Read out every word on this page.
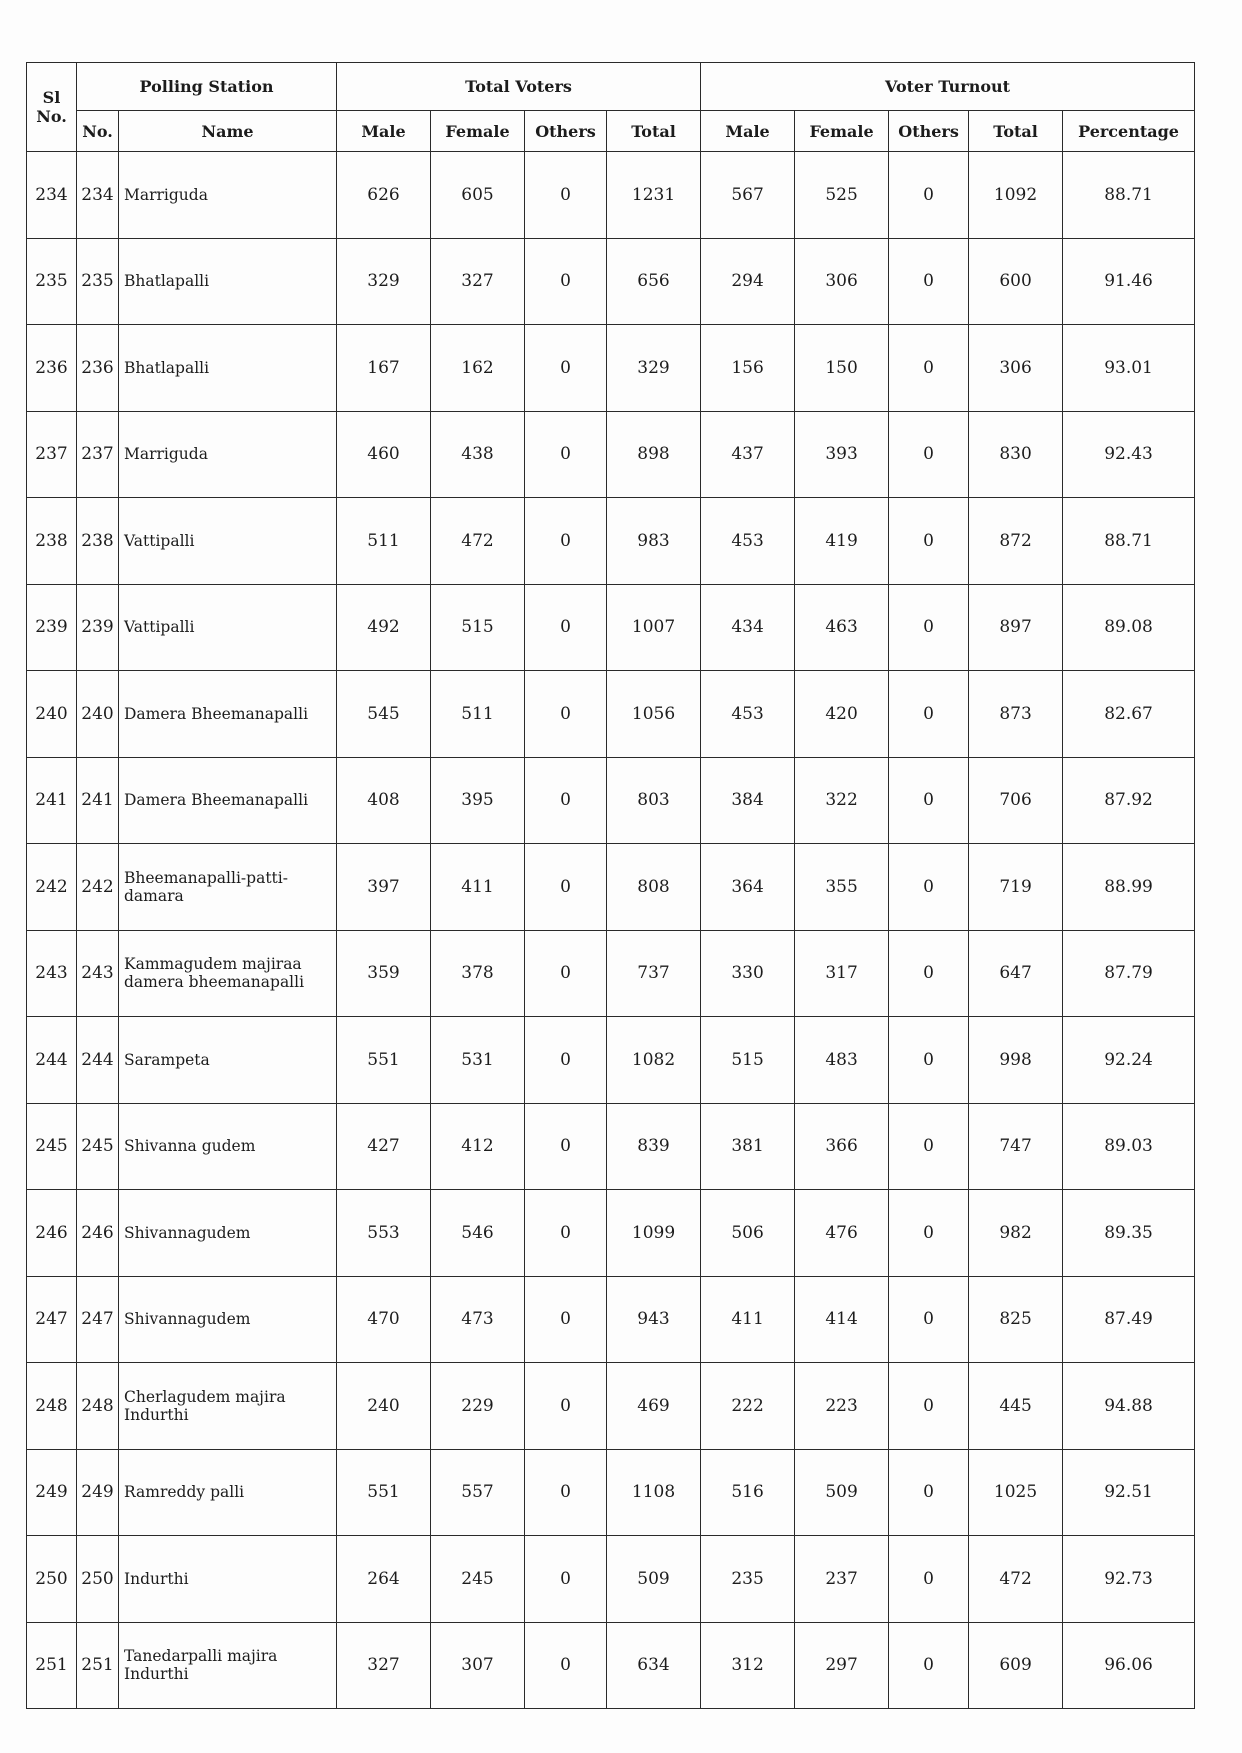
Sl No.	Polling Station		Total Voters				Voter Turnout				
	No.	Name	Male	Female	Others	Total	Male	Female	Others	Total	Percentage
234	234	Marriguda	626	605	0	1231	567	525	0	1092	88.71
235	235	Bhatlapalli	329	327	0	656	294	306	0	600	91.46
236	236	Bhatlapalli	167	162	0	329	156	150	0	306	93.01
237	237	Marriguda	460	438	0	898	437	393	0	830	92.43
238	238	Vattipalli	511	472	0	983	453	419	0	872	88.71
239	239	Vattipalli	492	515	0	1007	434	463	0	897	89.08
240	240	Damera Bheemanapalli	545	511	0	1056	453	420	0	873	82.67
241	241	Damera Bheemanapalli	408	395	0	803	384	322	0	706	87.92
242	242	Bheemanapalli-patti-damara	397	411	0	808	364	355	0	719	88.99
243	243	Kammagudem majiraa damera bheemanapalli	359	378	0	737	330	317	0	647	87.79
244	244	Sarampeta	551	531	0	1082	515	483	0	998	92.24
245	245	Shivanna gudem	427	412	0	839	381	366	0	747	89.03
246	246	Shivannagudem	553	546	0	1099	506	476	0	982	89.35
247	247	Shivannagudem	470	473	0	943	411	414	0	825	87.49
248	248	Cherlagudem majira Indurthi	240	229	0	469	222	223	0	445	94.88
249	249	Ramreddy palli	551	557	0	1108	516	509	0	1025	92.51
250	250	Indurthi	264	245	0	509	235	237	0	472	92.73
251	251	Tanedarpalli majira Indurthi	327	307	0	634	312	297	0	609	96.06
